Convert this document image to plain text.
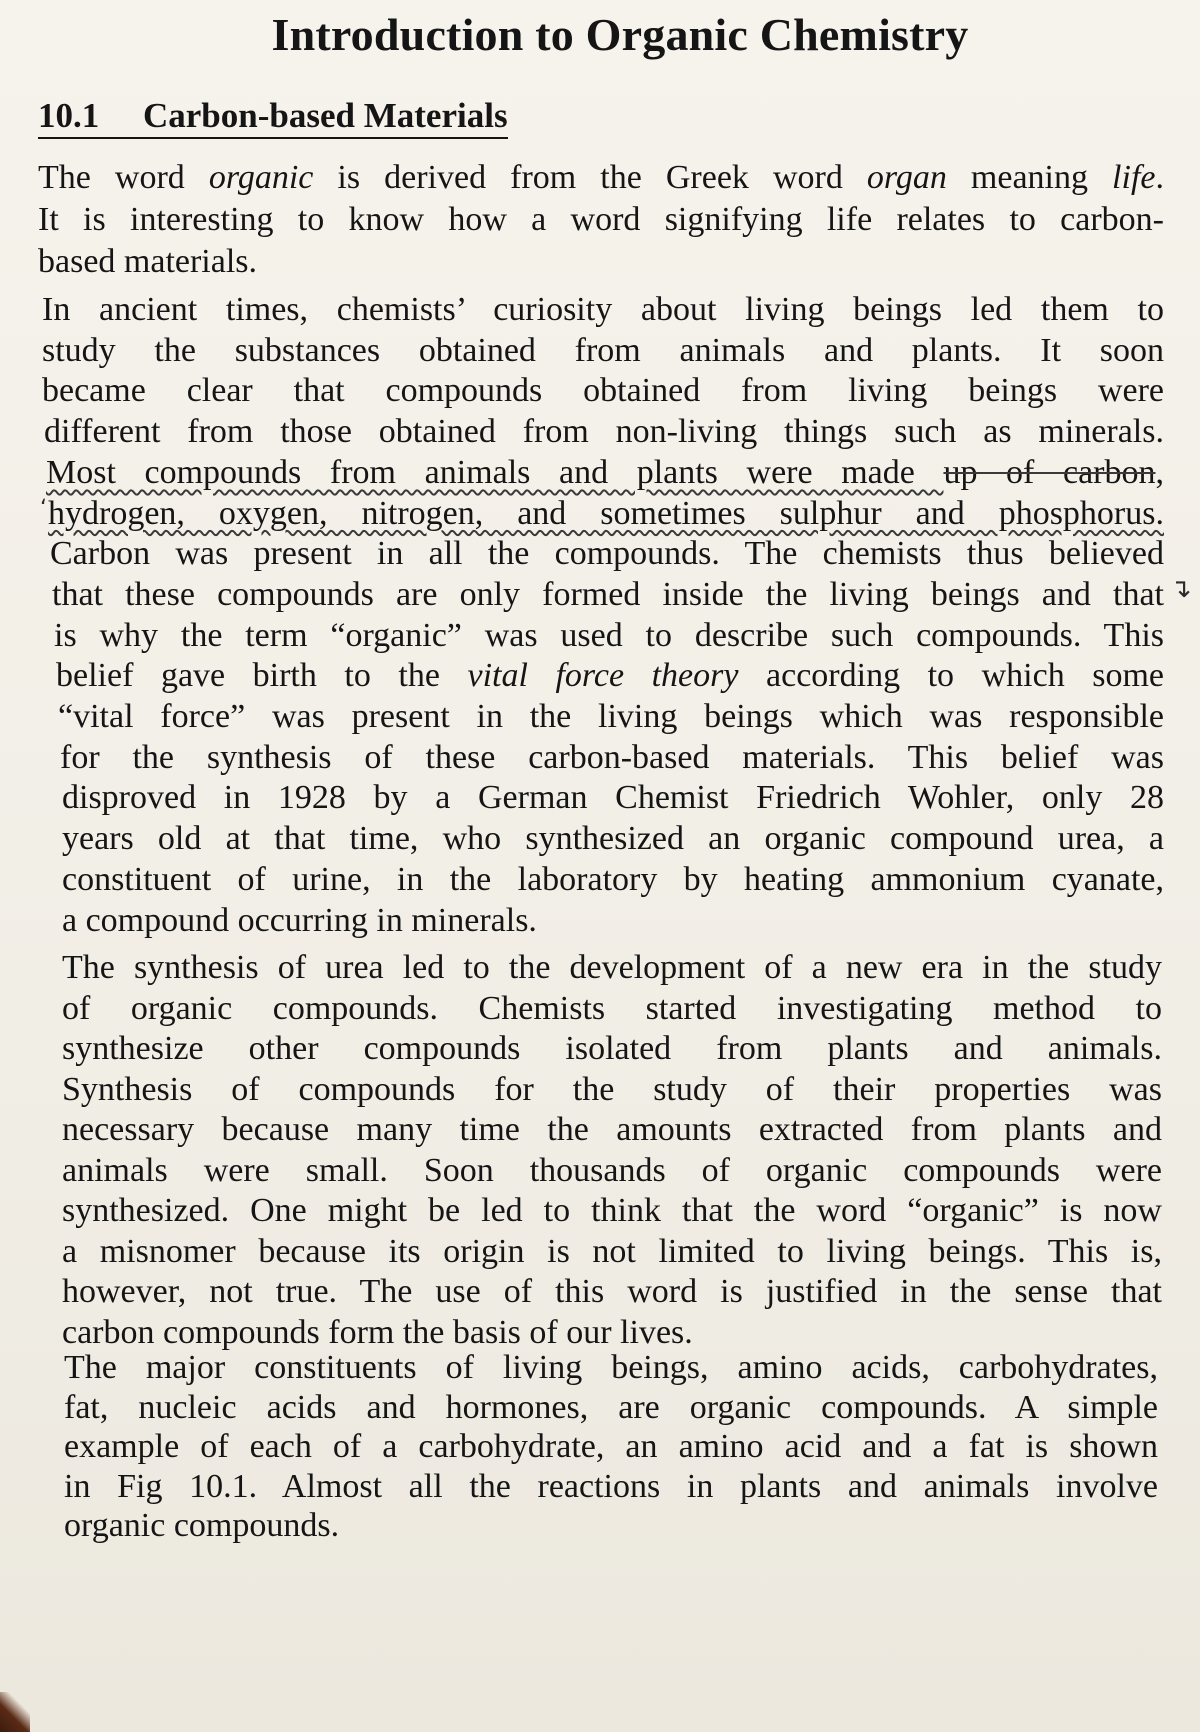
Introduction to Organic Chemistry
10.1 Carbon-based Materials
The word organic is derived from the Greek word organ meaning life.
It is interesting to know how a word signifying life relates to carbon-
based materials.
In ancient times, chemists’ curiosity about living beings led them to
study the substances obtained from animals and plants. It soon
became clear that compounds obtained from living beings were
different from those obtained from non-living things such as minerals.
Most compounds from animals and plants were made up of carbon,
hydrogen, oxygen, nitrogen, and sometimes sulphur and phosphorus.
Carbon was present in all the compounds. The chemists thus believed
that these compounds are only formed inside the living beings and that
is why the term “organic” was used to describe such compounds. This
belief gave birth to the vital force theory according to which some
“vital force” was present in the living beings which was responsible
for the synthesis of these carbon-based materials. This belief was
disproved in 1928 by a German Chemist Friedrich Wohler, only 28
years old at that time, who synthesized an organic compound urea, a
constituent of urine, in the laboratory by heating ammonium cyanate,
a compound occurring in minerals.
The synthesis of urea led to the development of a new era in the study
of organic compounds. Chemists started investigating method to
synthesize other compounds isolated from plants and animals.
Synthesis of compounds for the study of their properties was
necessary because many time the amounts extracted from plants and
animals were small. Soon thousands of organic compounds were
synthesized. One might be led to think that the word “organic” is now
a misnomer because its origin is not limited to living beings. This is,
however, not true. The use of this word is justified in the sense that
carbon compounds form the basis of our lives.
The major constituents of living beings, amino acids, carbohydrates,
fat, nucleic acids and hormones, are organic compounds. A simple
example of each of a carbohydrate, an amino acid and a fat is shown
in Fig 10.1. Almost all the reactions in plants and animals involve
organic compounds.
ʻ
↴
